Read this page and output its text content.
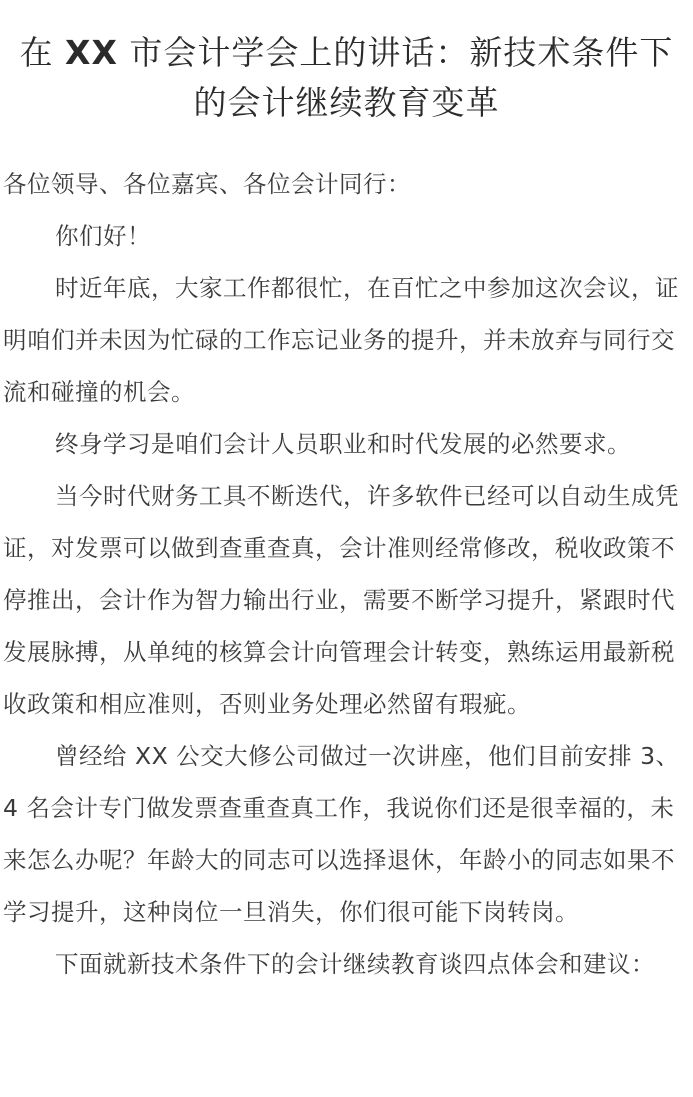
在 XX 市会计学会上的讲话：新技术条件下的会计继续教育变革

各位领导、各位嘉宾、各位会计同行：

你们好！

时近年底，大家工作都很忙，在百忙之中参加这次会议，证明咱们并未因为忙碌的工作忘记业务的提升，并未放弃与同行交流和碰撞的机会。

终身学习是咱们会计人员职业和时代发展的必然要求。

当今时代财务工具不断迭代，许多软件已经可以自动生成凭证，对发票可以做到查重查真，会计准则经常修改，税收政策不停推出，会计作为智力输出行业，需要不断学习提升，紧跟时代发展脉搏，从单纯的核算会计向管理会计转变，熟练运用最新税收政策和相应准则，否则业务处理必然留有瑕疵。

曾经给 XX 公交大修公司做过一次讲座，他们目前安排 3、4 名会计专门做发票查重查真工作，我说你们还是很幸福的，未来怎么办呢？年龄大的同志可以选择退休，年龄小的同志如果不学习提升，这种岗位一旦消失，你们很可能下岗转岗。

下面就新技术条件下的会计继续教育谈四点体会和建议：
